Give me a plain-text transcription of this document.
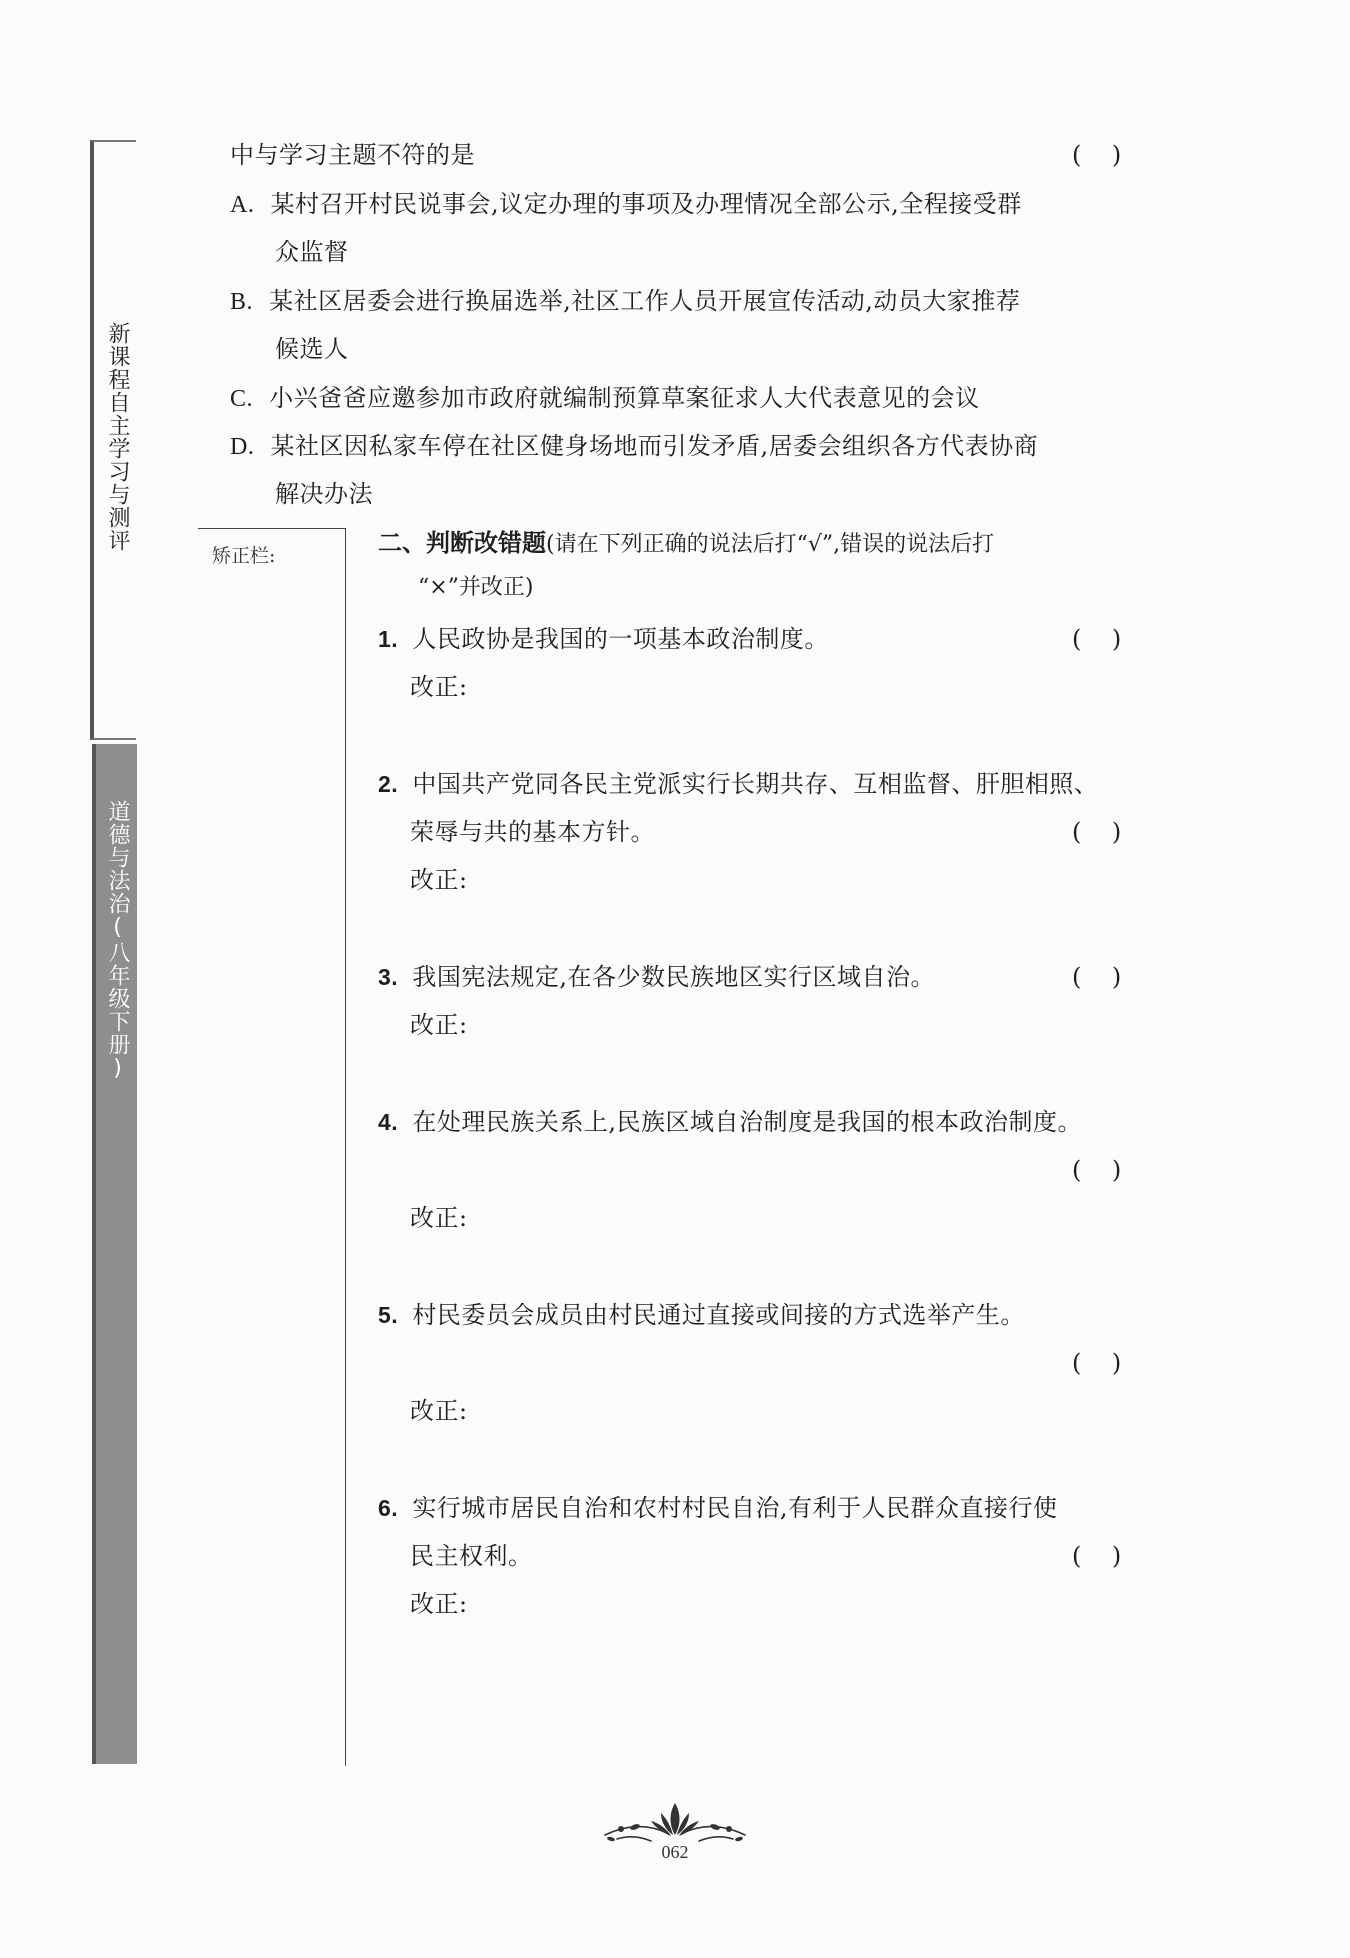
新课程自主学习与测评
道德与法治(八年级下册)
矫正栏:
中与学习主题不符的是	(    )
A. 某村召开村民说事会,议定办理的事项及办理情况全部公示,全程接受群
众监督
B. 某社区居委会进行换届选举,社区工作人员开展宣传活动,动员大家推荐
候选人
C. 小兴爸爸应邀参加市政府就编制预算草案征求人大代表意见的会议
D. 某社区因私家车停在社区健身场地而引发矛盾,居委会组织各方代表协商
解决办法
二、判断改错题(请在下列正确的说法后打“√”,错误的说法后打
“×”并改正)
1. 人民政协是我国的一项基本政治制度。	(    )
改正:
2. 中国共产党同各民主党派实行长期共存、互相监督、肝胆相照、
荣辱与共的基本方针。	(    )
改正:
3. 我国宪法规定,在各少数民族地区实行区域自治。	(    )
改正:
4. 在处理民族关系上,民族区域自治制度是我国的根本政治制度。
(    )
改正:
5. 村民委员会成员由村民通过直接或间接的方式选举产生。
(    )
改正:
6. 实行城市居民自治和农村村民自治,有利于人民群众直接行使
民主权利。	(    )
改正:
062
